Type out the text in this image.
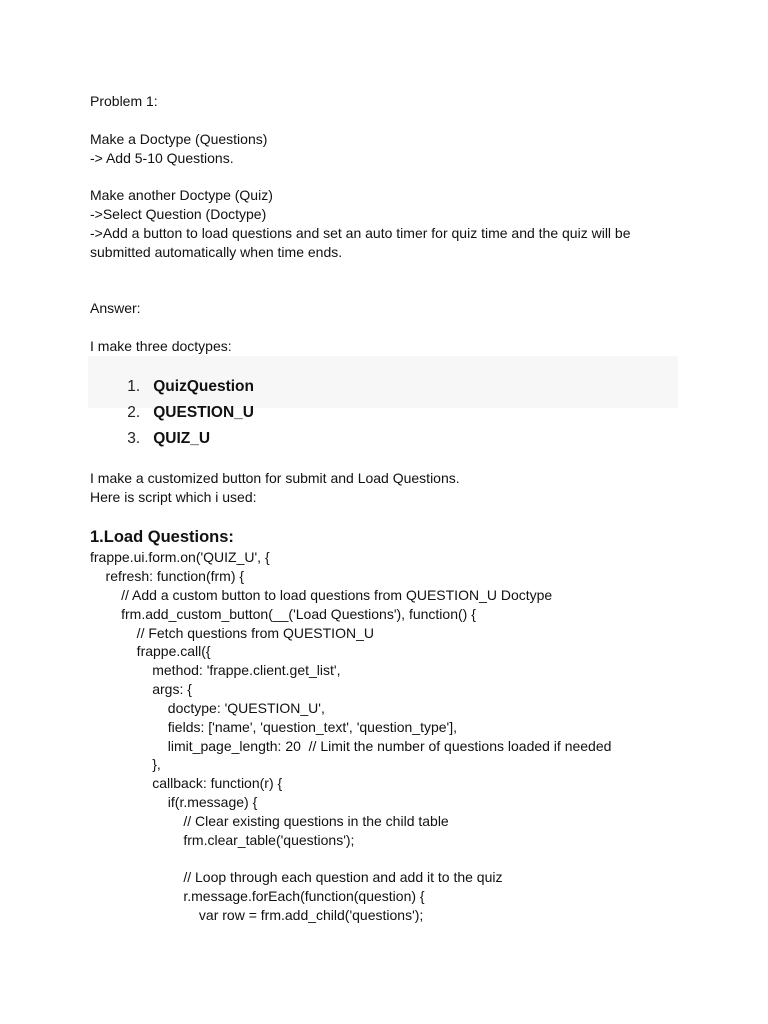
Problem 1:
Make a Doctype (Questions)
-> Add 5-10 Questions.
Make another Doctype (Quiz)
->Select Question (Doctype)
->Add a button to load questions and set an auto timer for quiz time and the quiz will be
submitted automatically when time ends.
Answer:
I make three doctypes:

1. QuizQuestion

2. QUESTION_U

3. QUIZ_U

I make a customized button for submit and Load Questions.
Here is script which i used:
1.Load Questions:
frappe.ui.form.on('QUIZ_U', {
refresh: function(frm) {
// Add a custom button to load questions from QUESTION_U Doctype
frm.add_custom_button(__('Load Questions'), function() {
// Fetch questions from QUESTION_U
frappe.call({
method: 'frappe.client.get_list',
args: {
doctype: 'QUESTION_U',
fields: ['name', 'question_text', 'question_type'],
limit_page_length: 20  // Limit the number of questions loaded if needed
},
callback: function(r) {
if(r.message) {
// Clear existing questions in the child table
frm.clear_table('questions');
// Loop through each question and add it to the quiz
r.message.forEach(function(question) {
var row = frm.add_child('questions');
